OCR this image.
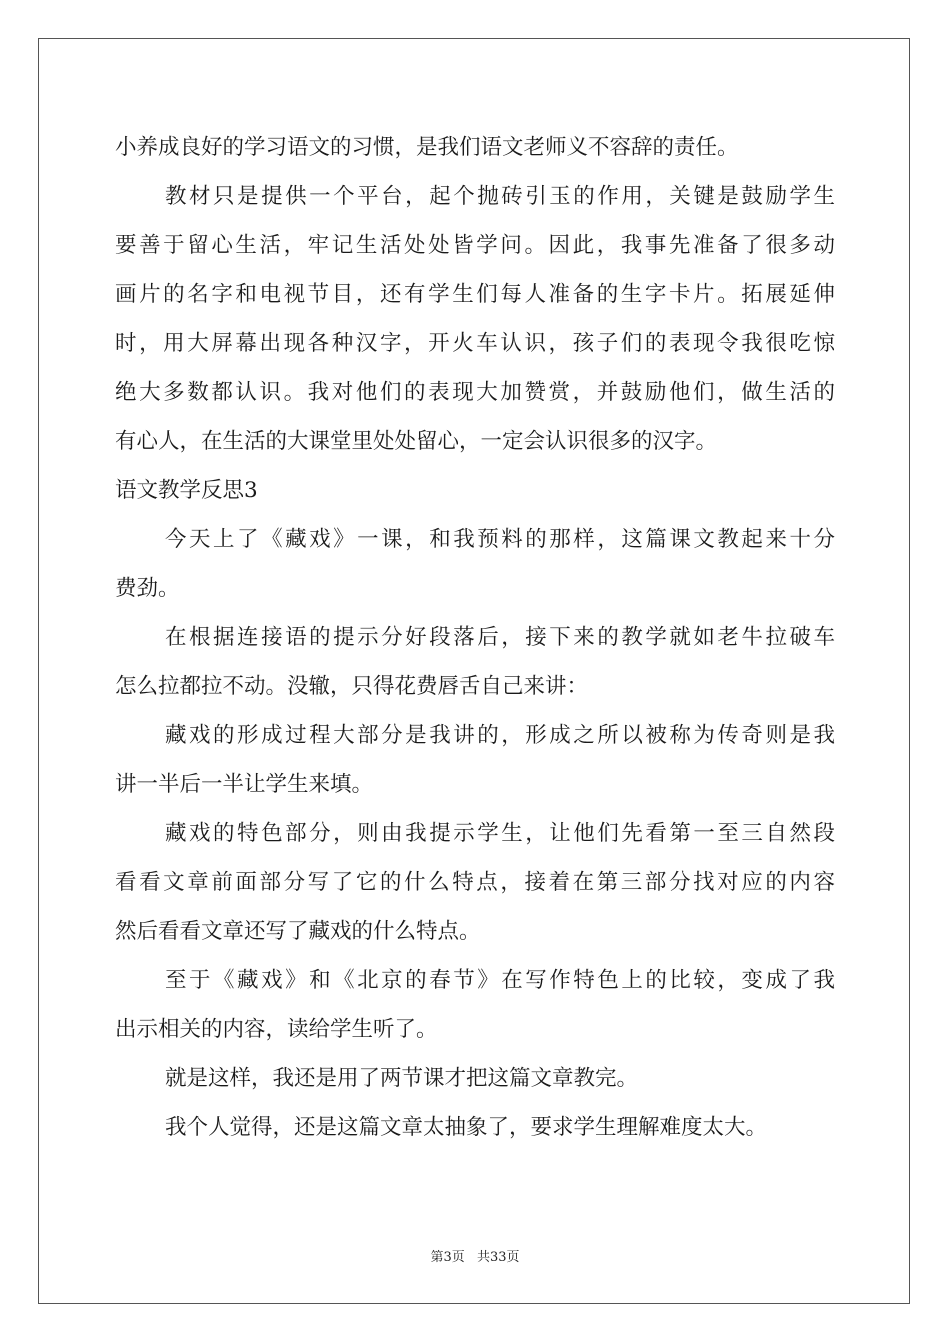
小养成良好的学习语文的习惯，是我们语文老师义不容辞的责任。
教材只是提供一个平台，起个抛砖引玉的作用，关键是鼓励学生
要善于留心生活，牢记生活处处皆学问。因此，我事先准备了很多动
画片的名字和电视节目，还有学生们每人准备的生字卡片。拓展延伸
时，用大屏幕出现各种汉字，开火车认识，孩子们的表现令我很吃惊
绝大多数都认识。我对他们的表现大加赞赏，并鼓励他们，做生活的
有心人，在生活的大课堂里处处留心，一定会认识很多的汉字。
语文教学反思3
今天上了《藏戏》一课，和我预料的那样，这篇课文教起来十分
费劲。
在根据连接语的提示分好段落后，接下来的教学就如老牛拉破车
怎么拉都拉不动。没辙，只得花费唇舌自己来讲：
藏戏的形成过程大部分是我讲的，形成之所以被称为传奇则是我
讲一半后一半让学生来填。
藏戏的特色部分，则由我提示学生，让他们先看第一至三自然段
看看文章前面部分写了它的什么特点，接着在第三部分找对应的内容
然后看看文章还写了藏戏的什么特点。
至于《藏戏》和《北京的春节》在写作特色上的比较，变成了我
出示相关的内容，读给学生听了。
就是这样，我还是用了两节课才把这篇文章教完。
我个人觉得，还是这篇文章太抽象了，要求学生理解难度太大。
第3页 共33页
